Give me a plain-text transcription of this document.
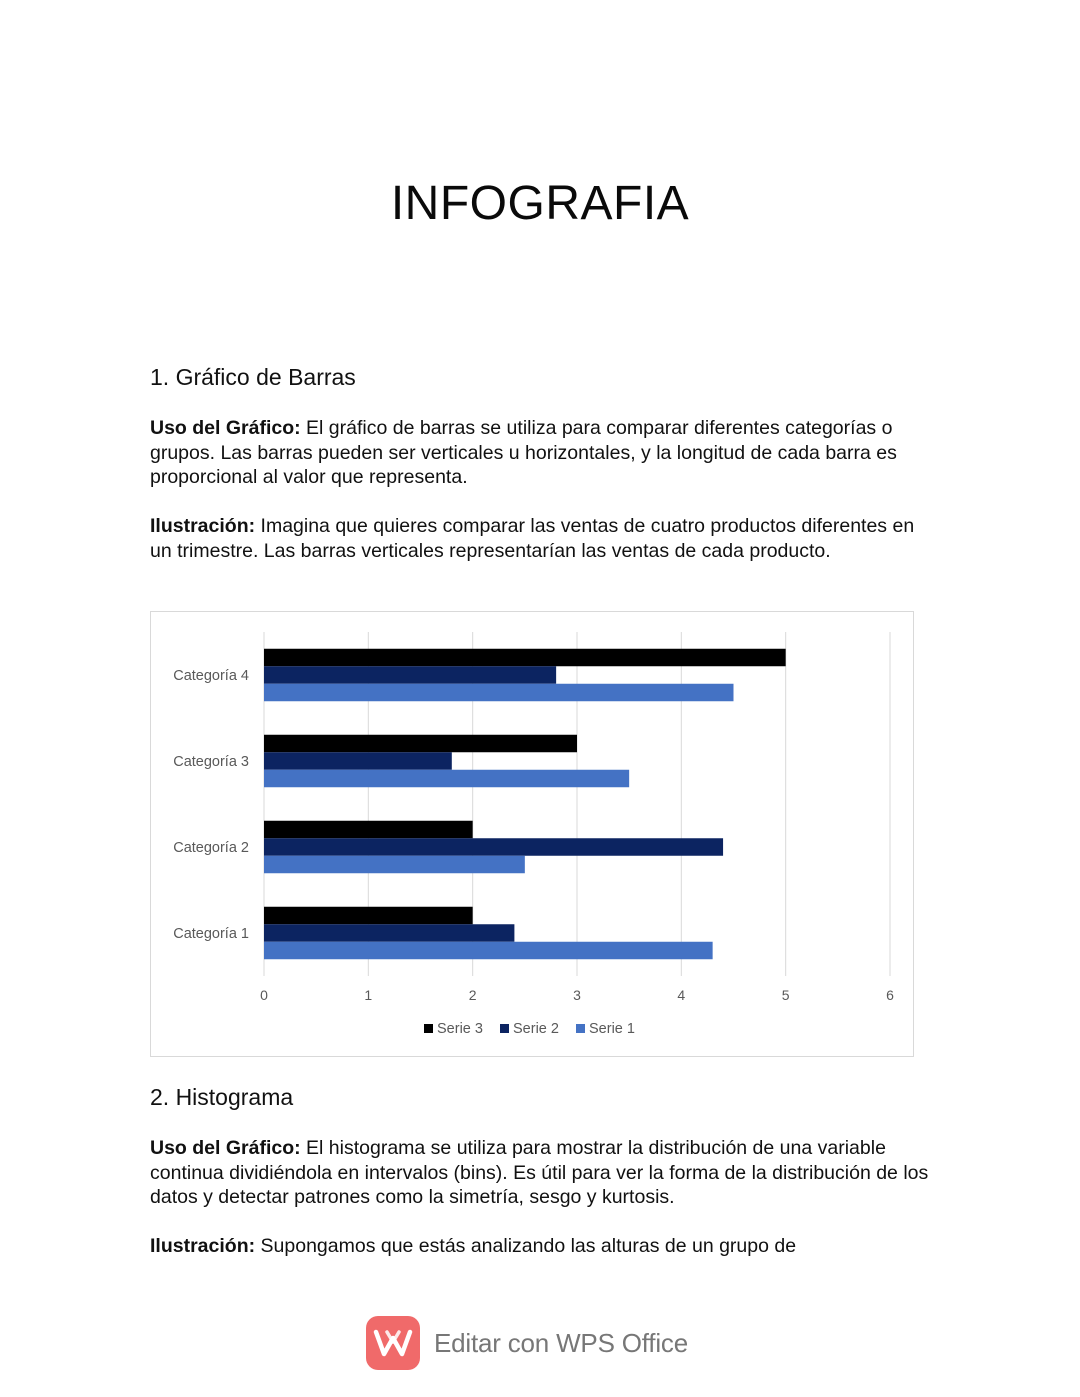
INFOGRAFIA
1. Gráfico de Barras

Uso del Gráfico: El gráfico de barras se utiliza para comparar diferentes categorías o grupos. Las barras pueden ser verticales u horizontales, y la longitud de cada barra es proporcional al valor que representa.

Ilustración: Imagina que quieres comparar las ventas de cuatro productos diferentes en un trimestre. Las barras verticales representarían las ventas de cada producto.

0	1	2	3	4	5	6
Categoría 1
Categoría 2
Categoría 3
Categoría 4
Serie 3 Serie 2 Serie 1
2. Histograma

Uso del Gráfico: El histograma se utiliza para mostrar la distribución de una variable continua dividiéndola en intervalos (bins). Es útil para ver la forma de la distribución de los datos y detectar patrones como la simetría, sesgo y kurtosis.

Ilustración: Supongamos que estás analizando las alturas de un grupo de

Editar con WPS Office
